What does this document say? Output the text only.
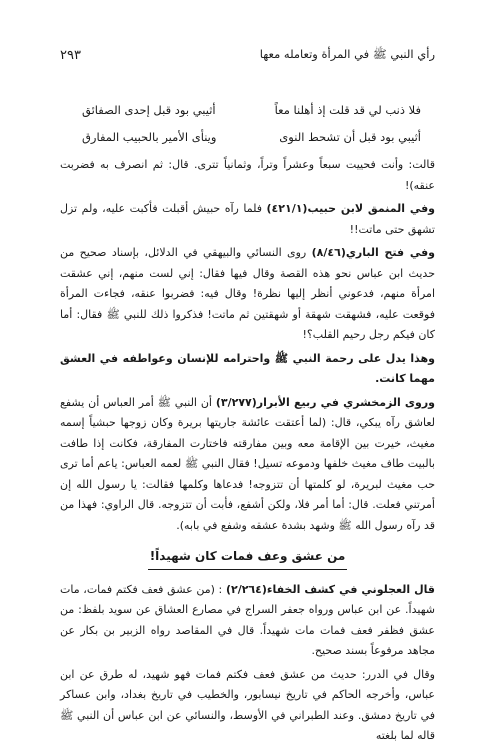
رأي النبي ﷺ في المرأة وتعامله معها
٢٩٣
فلا ذنب لي قد قلت إذ أهلنا معاً
أثيبي بود قبل إحدى الصفائق
أثيبي بود قبل أن تشحط النوى
وينأى الأمير بالحبيب المفارق

قالت: وأنت فحييت سبعاً وعشراً وتراً، وثمانياً تترى. قال: ثم انصرف به فضربت عنقه)!

وفي المنمق لابن حبيب(٤٢١/١) فلما رآه حبيش أقبلت فأكبت عليه، ولم تزل تشهق حتى ماتت!!

وفي فتح الباري(٨/٤٦) روى النسائي والبيهقي في الدلائل، بإسناد صحيح من حديث ابن عباس نحو هذه القصة وقال فيها فقال: إني لست منهم، إني عشقت امرأة منهم، فدعوني أنظر إليها نظرة! وقال فيه: فضربوا عنقه، فجاءت المرأة فوقعت عليه، فشهقت شهقة أو شهقتين ثم ماتت! فذكروا ذلك للنبي ﷺ فقال: أما كان فيكم رجل رحيم القلب؟!

وهذا يدل على رحمة النبي ﷺ واحترامه للإنسان وعواطفه في العشق مهما كانت.

وروى الزمخشري في ربيع الأبرار(٣/٢٧٧) أن النبي ﷺ أمر العباس أن يشفع لعاشق رآه يبكي، قال: (لما أعتقت عائشة جاريتها بريرة وكان زوجها حبشياً إسمه مغيث، خيرت بين الإقامة معه وبين مفارقته فاختارت المفارقة، فكانت إذا طافت بالبيت طاف مغيث خلفها ودموعه تسيل! فقال النبي ﷺ لعمه العباس: ياعم أما ترى حب مغيث لبريرة، لو كلمتها أن تتزوجه! فدعاها وكلمها فقالت: يا رسول الله إن أمرتني فعلت. قال: أما أمر فلا، ولكن أشفع، فأبت أن تتزوجه. قال الراوي: فهذا من قد رآه رسول الله ﷺ وشهد بشدة عشقه وشفع في بابه).

من عشق وعف فمات كان شهيداً!

قال العجلوني في كشف الخفاء(٢/٢٦٤) : (من عشق فعف فكتم فمات، مات شهيداً. عن ابن عباس ورواه جعفر السراج في مصارع العشاق عن سويد بلفظ: من عشق فظفر فعف فمات مات شهيداً. قال في المقاصد رواه الزبير بن بكار عن مجاهد مرفوعاً بسند صحيح.

وقال في الدرر: حديث من عشق فعف فكتم فمات فهو شهيد، له طرق عن ابن عباس، وأخرجه الحاكم في تاريخ نيسابور، والخطيب في تاريخ بغداد، وابن عساكر في تاريخ دمشق. وعند الطبراني في الأوسط، والنسائي عن ابن عباس أن النبي ﷺ قاله لما بلغته
